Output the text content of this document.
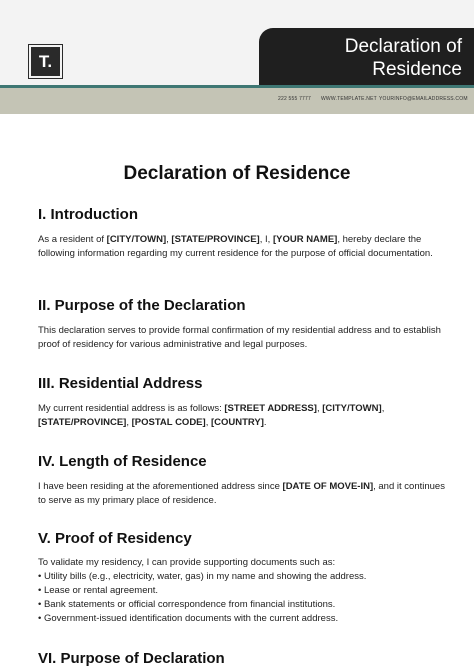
T.
Declaration of
Residence
222 555 7777 WWW.TEMPLATE.NET YOURINFO@EMAILADDRESS.COM
Declaration of Residence
I. Introduction

As a resident of [CITY/TOWN], [STATE/PROVINCE], I, [YOUR NAME], hereby declare the following information regarding my current residence for the purpose of official documentation.

II. Purpose of the Declaration

This declaration serves to provide formal confirmation of my residential address and to establish proof of residency for various administrative and legal purposes.

III. Residential Address

My current residential address is as follows: [STREET ADDRESS], [CITY/TOWN], [STATE/PROVINCE], [POSTAL CODE], [COUNTRY].

IV. Length of Residence

I have been residing at the aforementioned address since [DATE OF MOVE-IN], and it continues to serve as my primary place of residence.

V. Proof of Residency

To validate my residency, I can provide supporting documents such as:

• Utility bills (e.g., electricity, water, gas) in my name and showing the address.
• Lease or rental agreement.
• Bank statements or official correspondence from financial institutions.
• Government-issued identification documents with the current address.
VI. Purpose of Declaration
